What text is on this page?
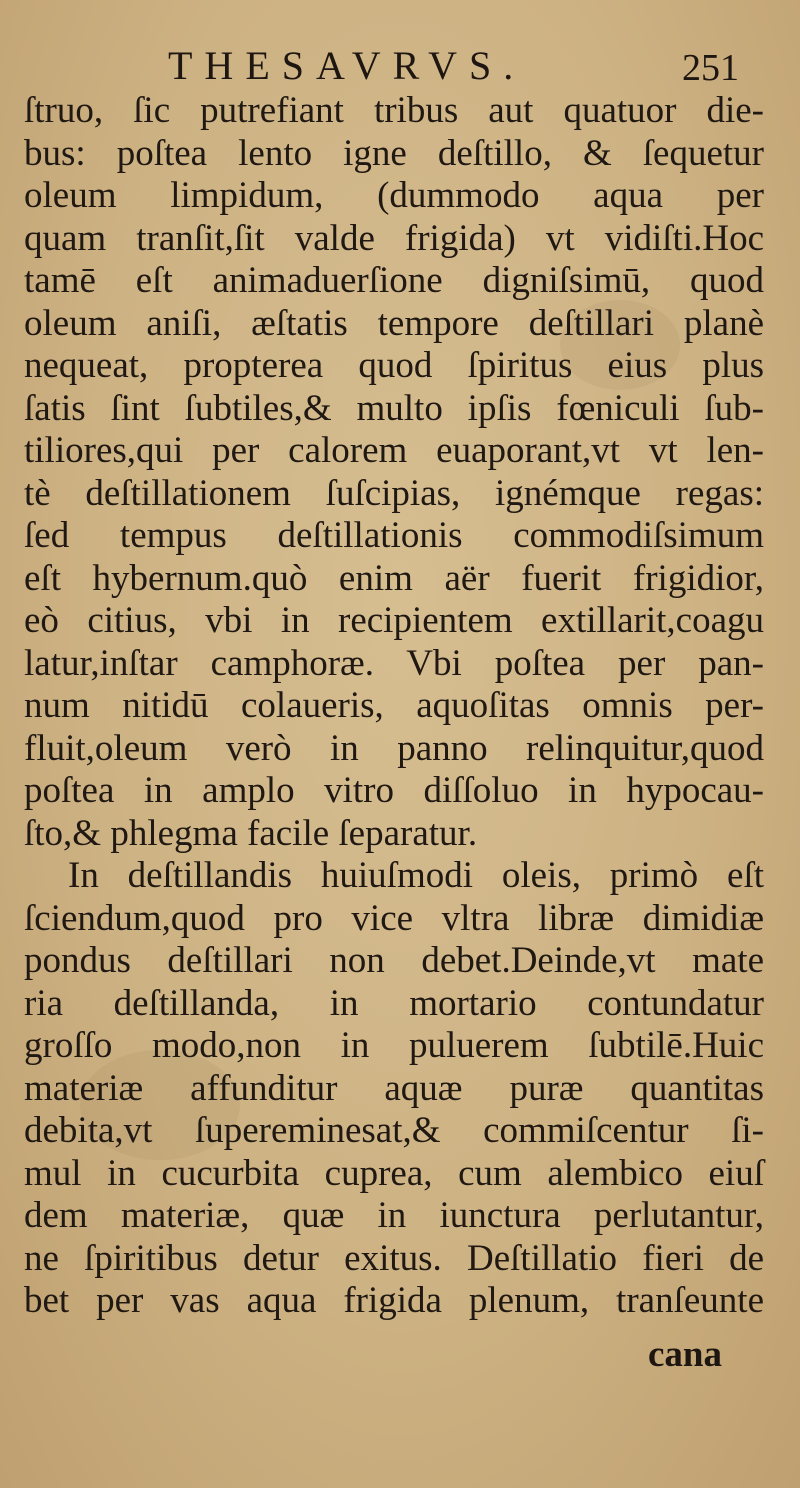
THESAVRVS.	251
ſtruo, ſic putrefiant tribus aut quatuor die-
bus: poſtea lento igne deſtillo, & ſequetur
oleum limpidum, (dummodo aqua per
quam tranſit,ſit valde frigida) vt vidiſti.Hoc
tamē eſt animaduerſione digniſsimū, quod
oleum aniſi, æſtatis tempore deſtillari planè
nequeat, propterea quod ſpiritus eius plus
ſatis ſint ſubtiles,& multo ipſis fœniculi ſub-
tiliores,qui per calorem euaporant,vt vt len-
tè deſtillationem ſuſcipias, ignémque regas:
ſed tempus deſtillationis commodiſsimum
eſt hybernum.quò enim aër fuerit frigidior,
eò citius, vbi in recipientem extillarit,coagu
latur,inſtar camphoræ. Vbi poſtea per pan-
num nitidū colaueris, aquoſitas omnis per-
fluit,oleum verò in panno relinquitur,quod
poſtea in amplo vitro diſſoluo in hypocau-
ſto,& phlegma facile ſeparatur.
In deſtillandis huiuſmodi oleis, primò eſt
ſciendum,quod pro vice vltra libræ dimidiæ
pondus deſtillari non debet.Deinde,vt mate
ria deſtillanda, in mortario contundatur
groſſo modo,non in puluerem ſubtilē.Huic
materiæ affunditur aquæ puræ quantitas
debita,vt ſupereminesat,& commiſcentur ſi-
mul in cucurbita cuprea, cum alembico eiuſ
dem materiæ, quæ in iunctura perlutantur,
ne ſpiritibus detur exitus. Deſtillatio fieri de
bet per vas aqua frigida plenum, tranſeunte
cana
